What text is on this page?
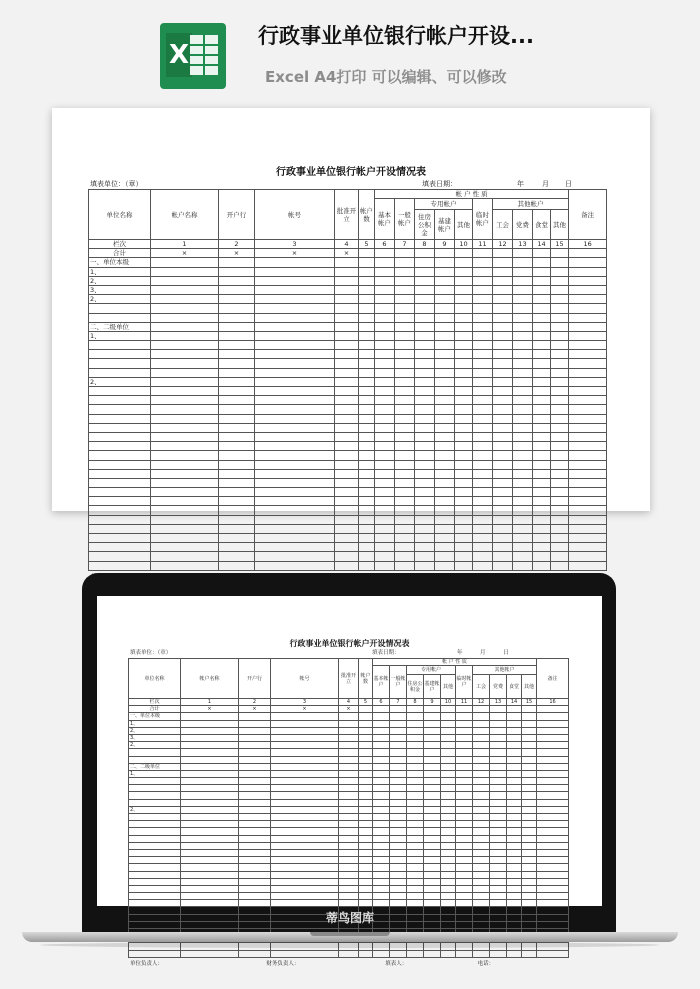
X
行政事业单位银行帐户开设...
Excel A4打印 可以编辑、可以修改
行政事业单位银行帐户开设情况表
填表单位：（章）	填表日期：	年	月 日
单位名称	帐户名称	开户行	帐号	批准开立	帐户数	帐 户 性 质										备注
						基本帐户	一般帐户	专用帐户			临时帐户	其他帐户				
								住房公积金	基建帐户	其他		工会	党费	食堂	其他	
栏次	1	2	3	4	5	6	7	8	9	10	11	12	13	14	15	16
合计	×	×	×	×												
一、单位本级																
1、																
2、																
3、																
2、																

二、二级单位																
1、																

2、																

行政事业单位银行帐户开设情况表
填表单位：（章）	填表日期：	年	月	日
单位名称	帐户名称	开户行	帐号	批准开立	帐户数	帐 户 性 质										备注
						基本帐户	一般帐户	专用帐户			临时帐户	其他帐户				
								住房公积金	基建帐户	其他		工会	党费	食堂	其他	
栏次	1	2	3	4	5	6	7	8	9	10	11	12	13	14	15	16
合计	×	×	×	×												
一、单位本级																
1、																
2、																
3、																
2、																

二、二级单位																
1、																

2、																

单位负责人：	财务负责人：	填表人：	电话：
蒂鸟图库
